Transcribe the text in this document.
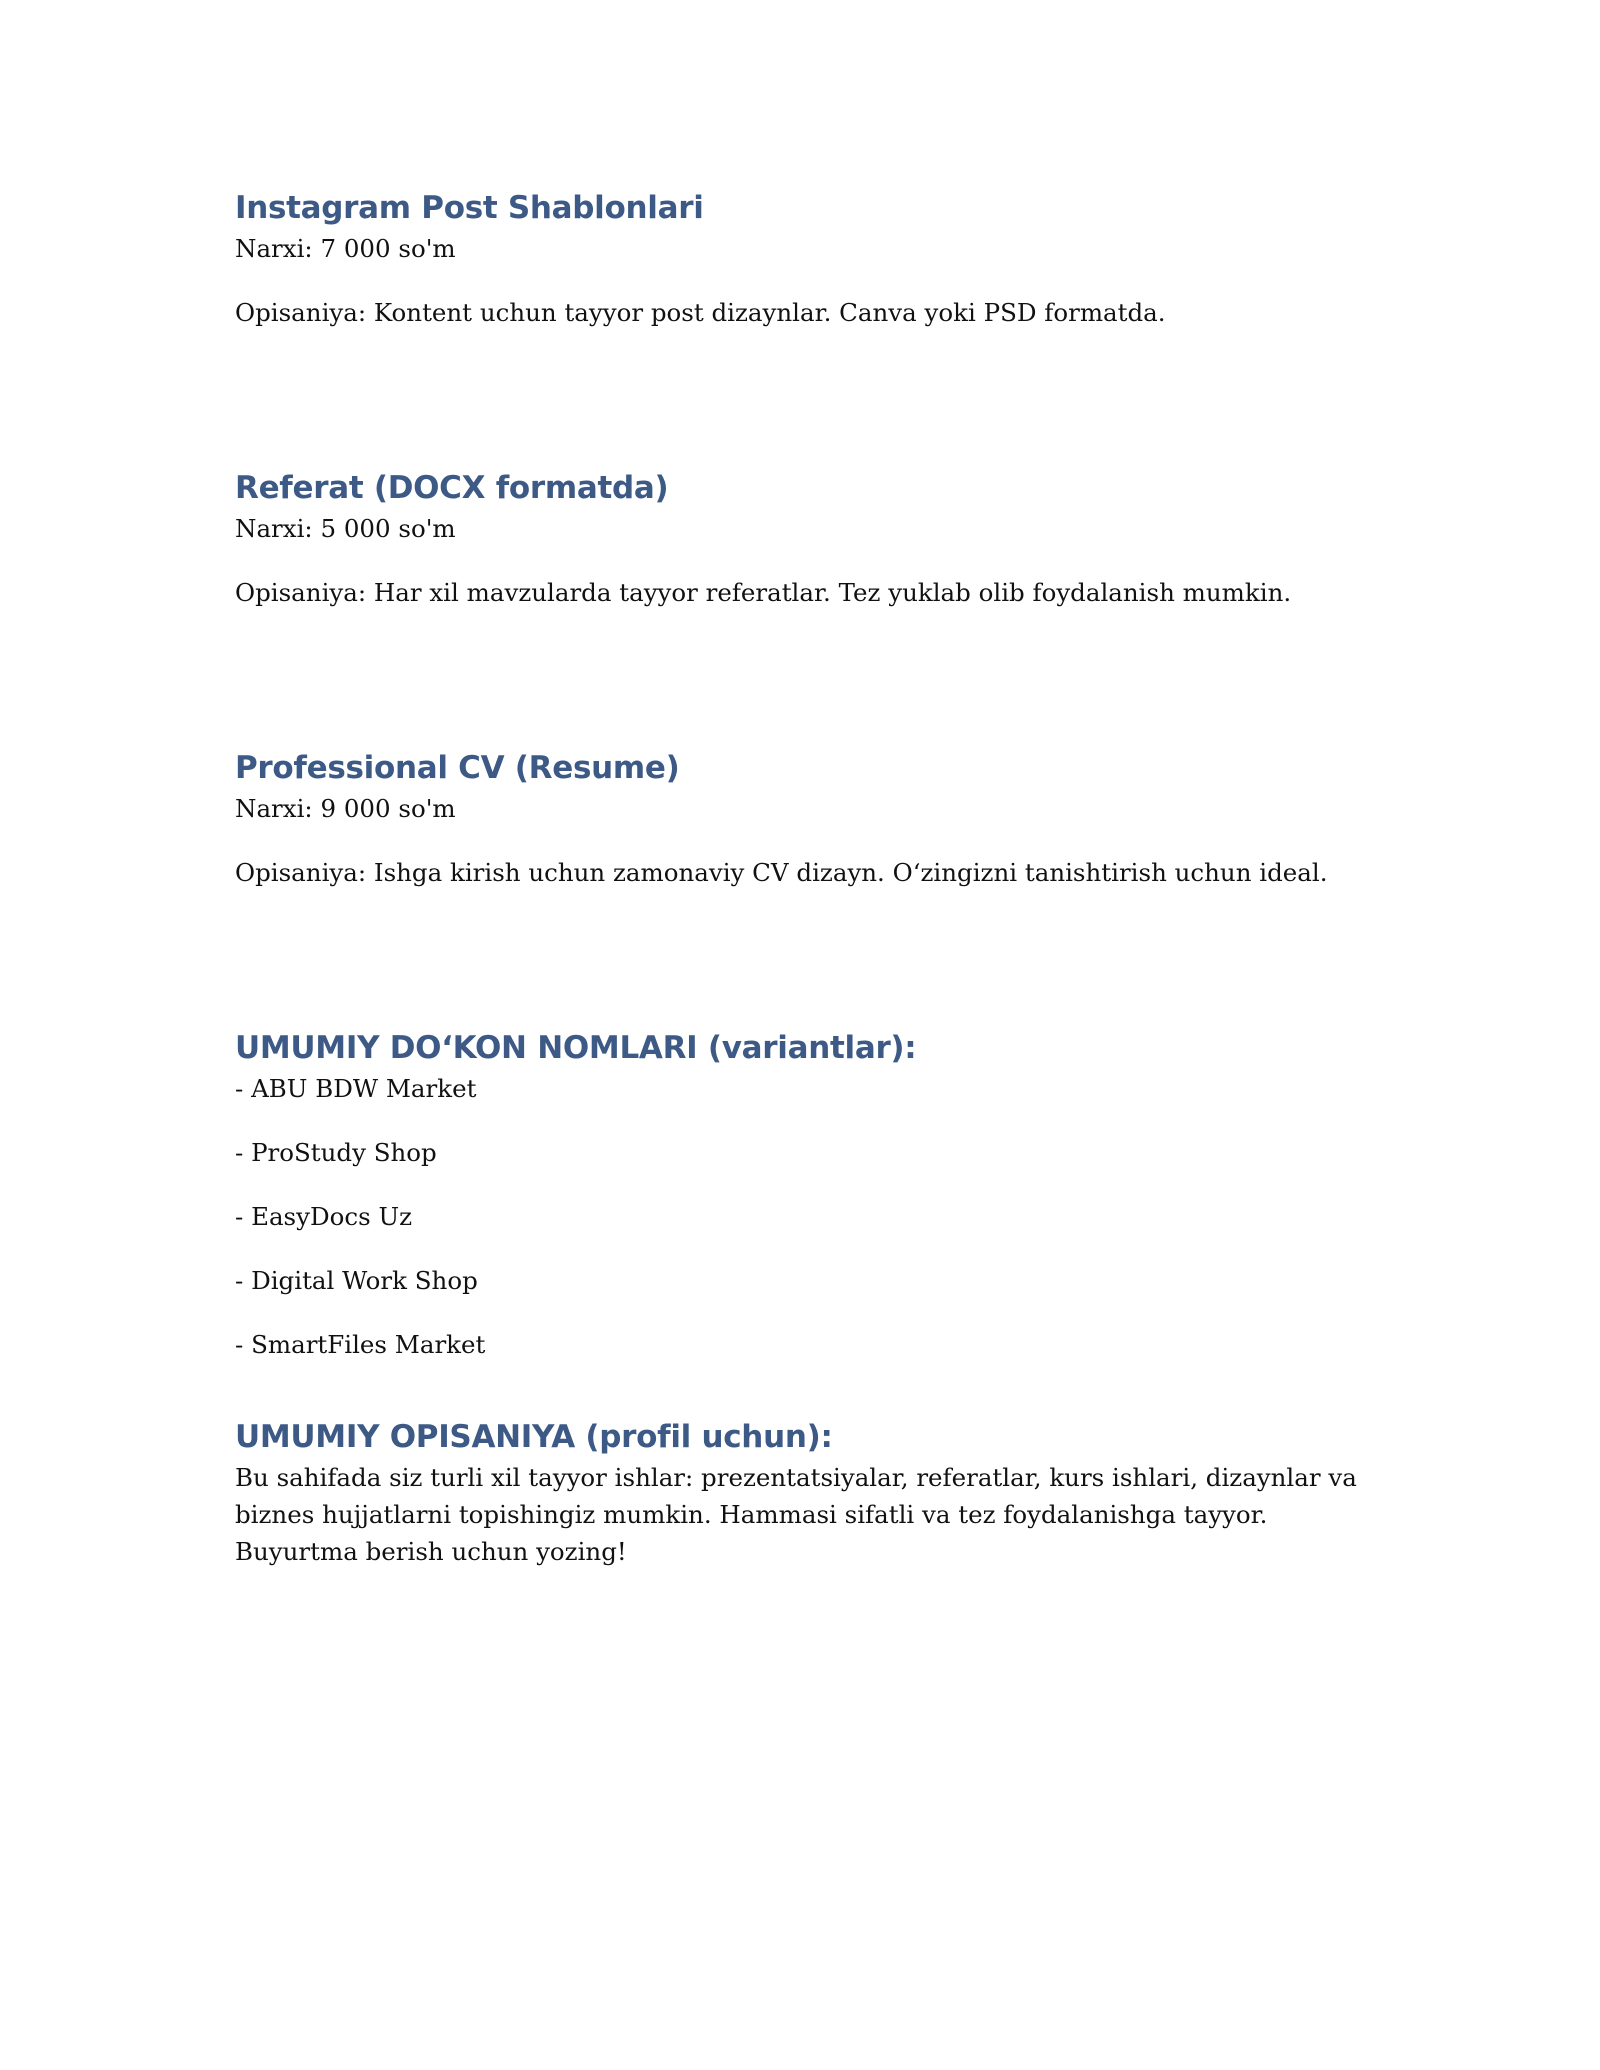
Instagram Post Shablonlari

Narxi: 7 000 so'm

Opisaniya: Kontent uchun tayyor post dizaynlar. Canva yoki PSD formatda.

Referat (DOCX formatda)

Narxi: 5 000 so'm

Opisaniya: Har xil mavzularda tayyor referatlar. Tez yuklab olib foydalanish mumkin.

Professional CV (Resume)

Narxi: 9 000 so'm

Opisaniya: Ishga kirish uchun zamonaviy CV dizayn. O‘zingizni tanishtirish uchun ideal.

UMUMIY DO‘KON NOMLARI (variantlar):
- ABU BDW Market
- ProStudy Shop
- EasyDocs Uz
- Digital Work Shop
- SmartFiles Market
UMUMIY OPISANIYA (profil uchun):

Bu sahifada siz turli xil tayyor ishlar: prezentatsiyalar, referatlar, kurs ishlari, dizaynlar va biznes hujjatlarni topishingiz mumkin. Hammasi sifatli va tez foydalanishga tayyor. Buyurtma berish uchun yozing!
